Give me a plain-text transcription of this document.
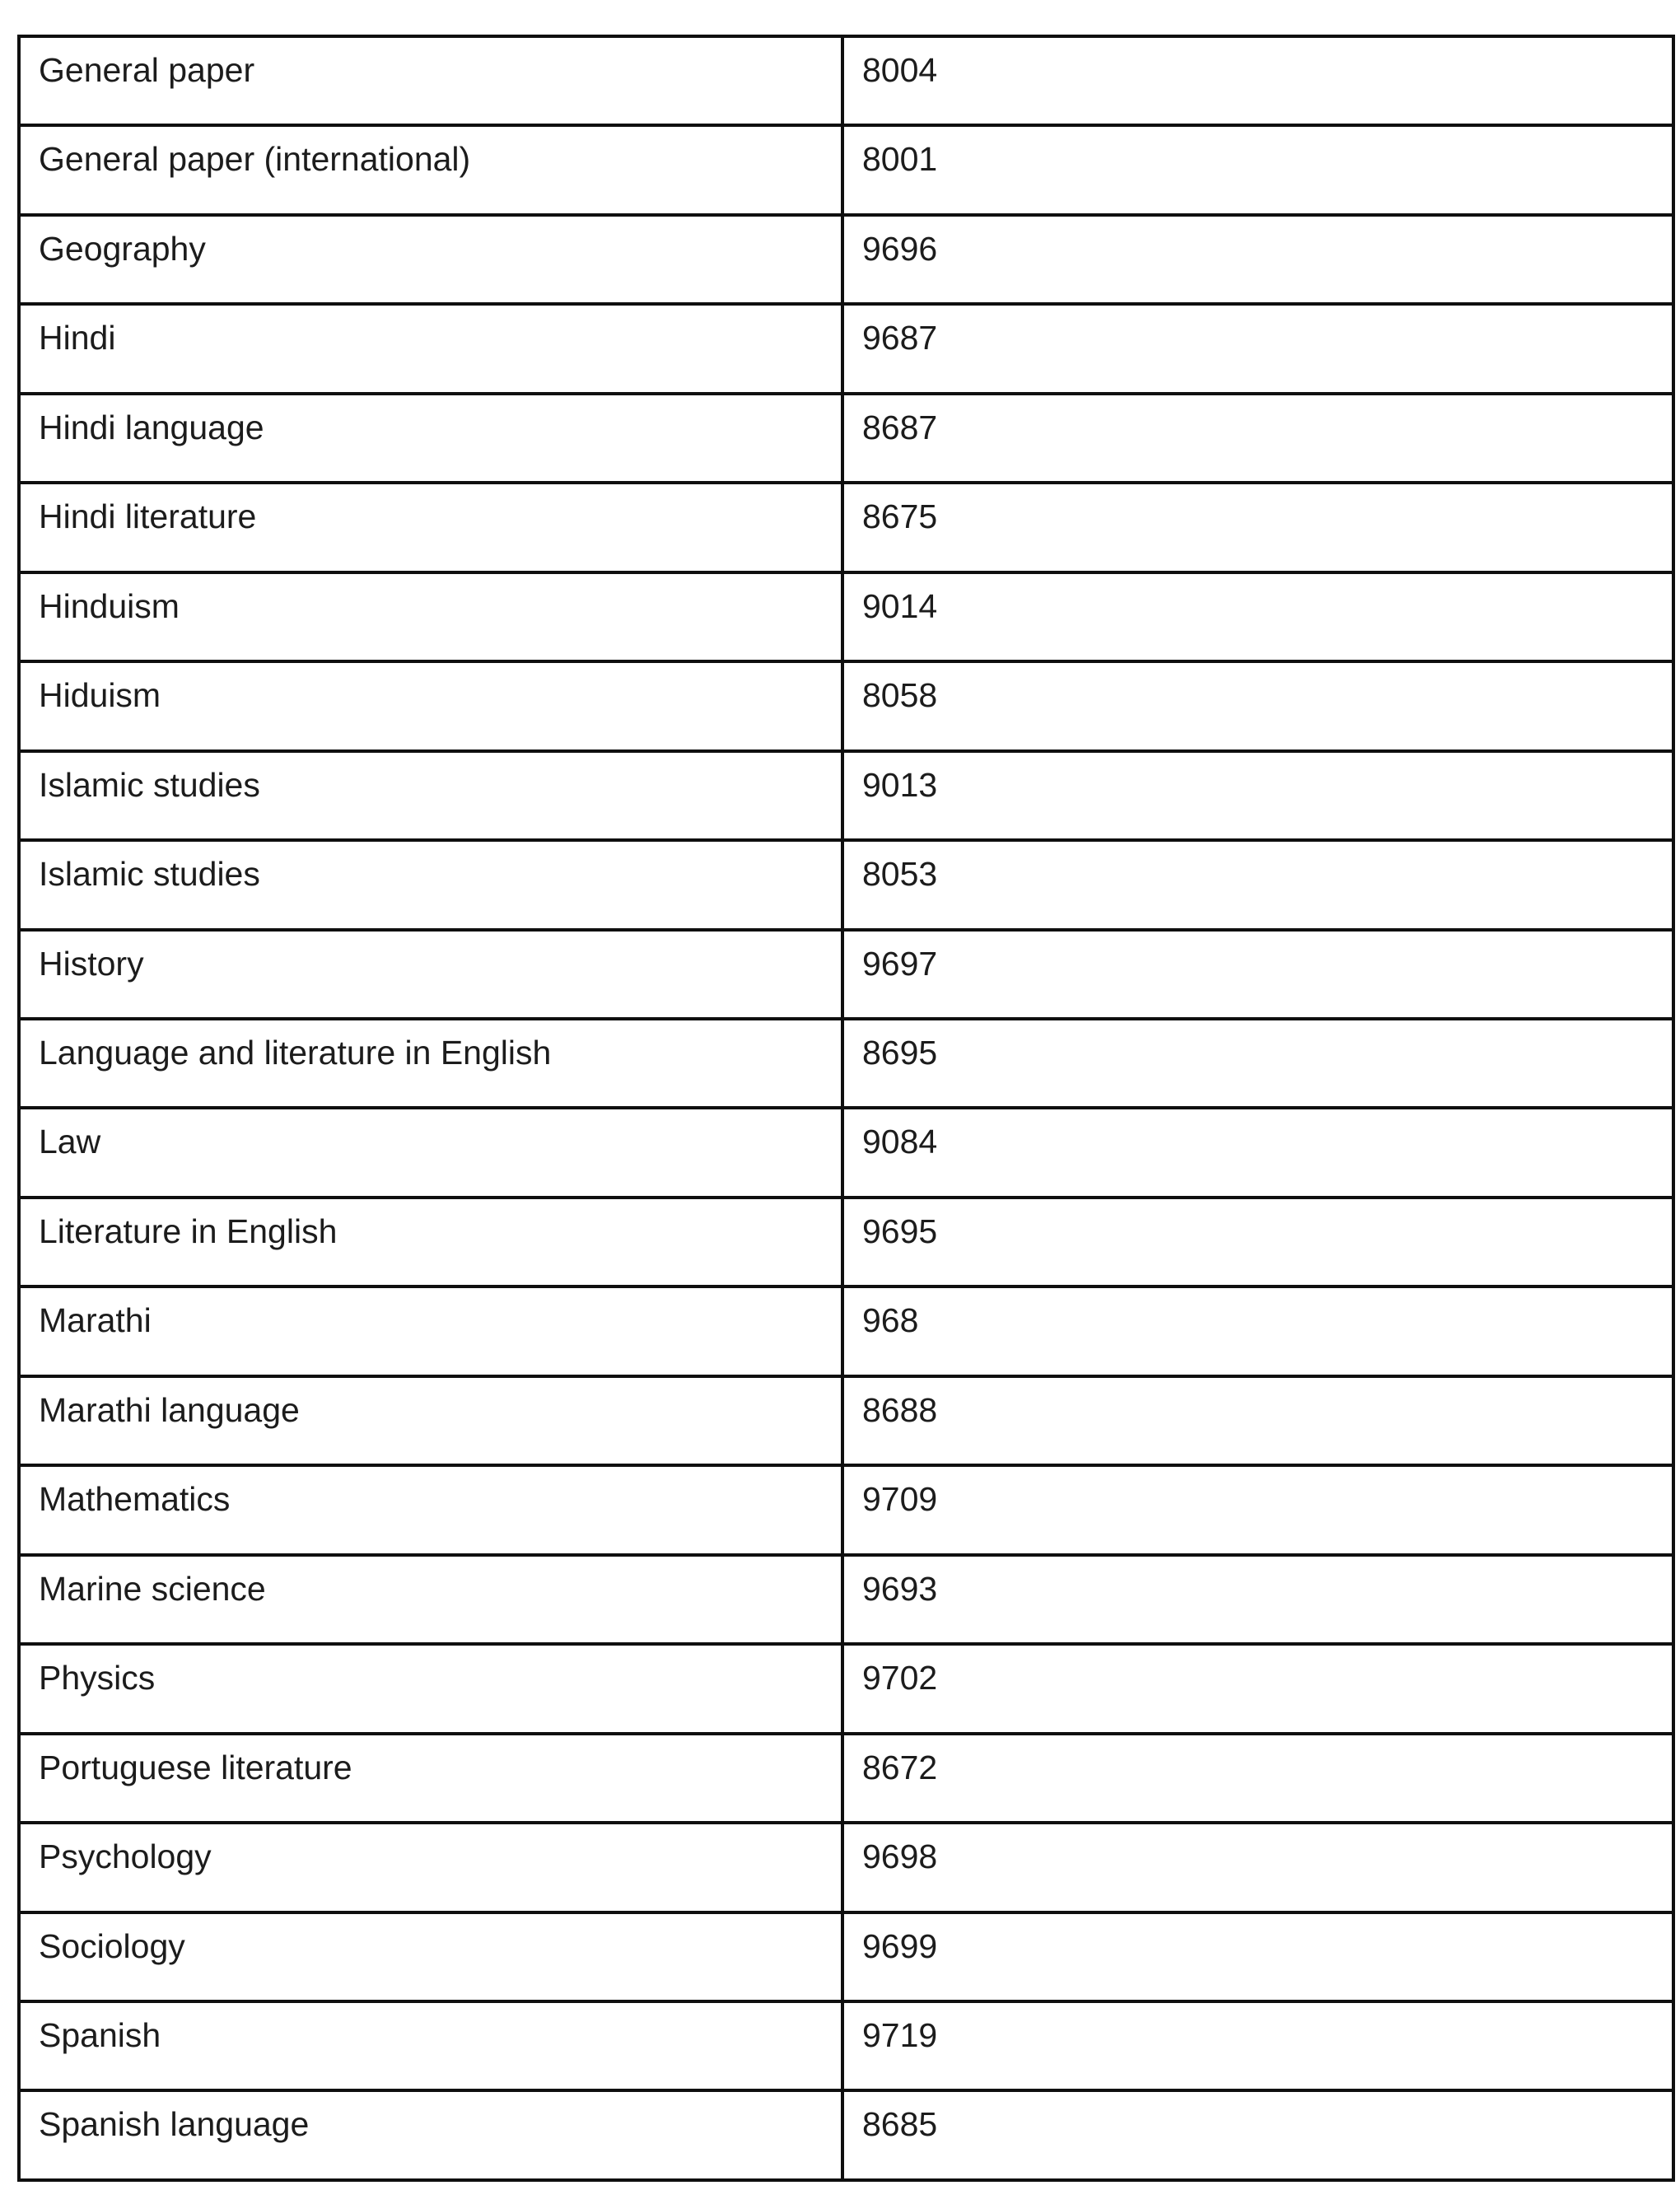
General paper	8004
General paper (international)	8001
Geography	9696
Hindi	9687
Hindi language	8687
Hindi literature	8675
Hinduism	9014
Hiduism	8058
Islamic studies	9013
Islamic studies	8053
History	9697
Language and literature in English	8695
Law	9084
Literature in English	9695
Marathi	968
Marathi language	8688
Mathematics	9709
Marine science	9693
Physics	9702
Portuguese literature	8672
Psychology	9698
Sociology	9699
Spanish	9719
Spanish language	8685
